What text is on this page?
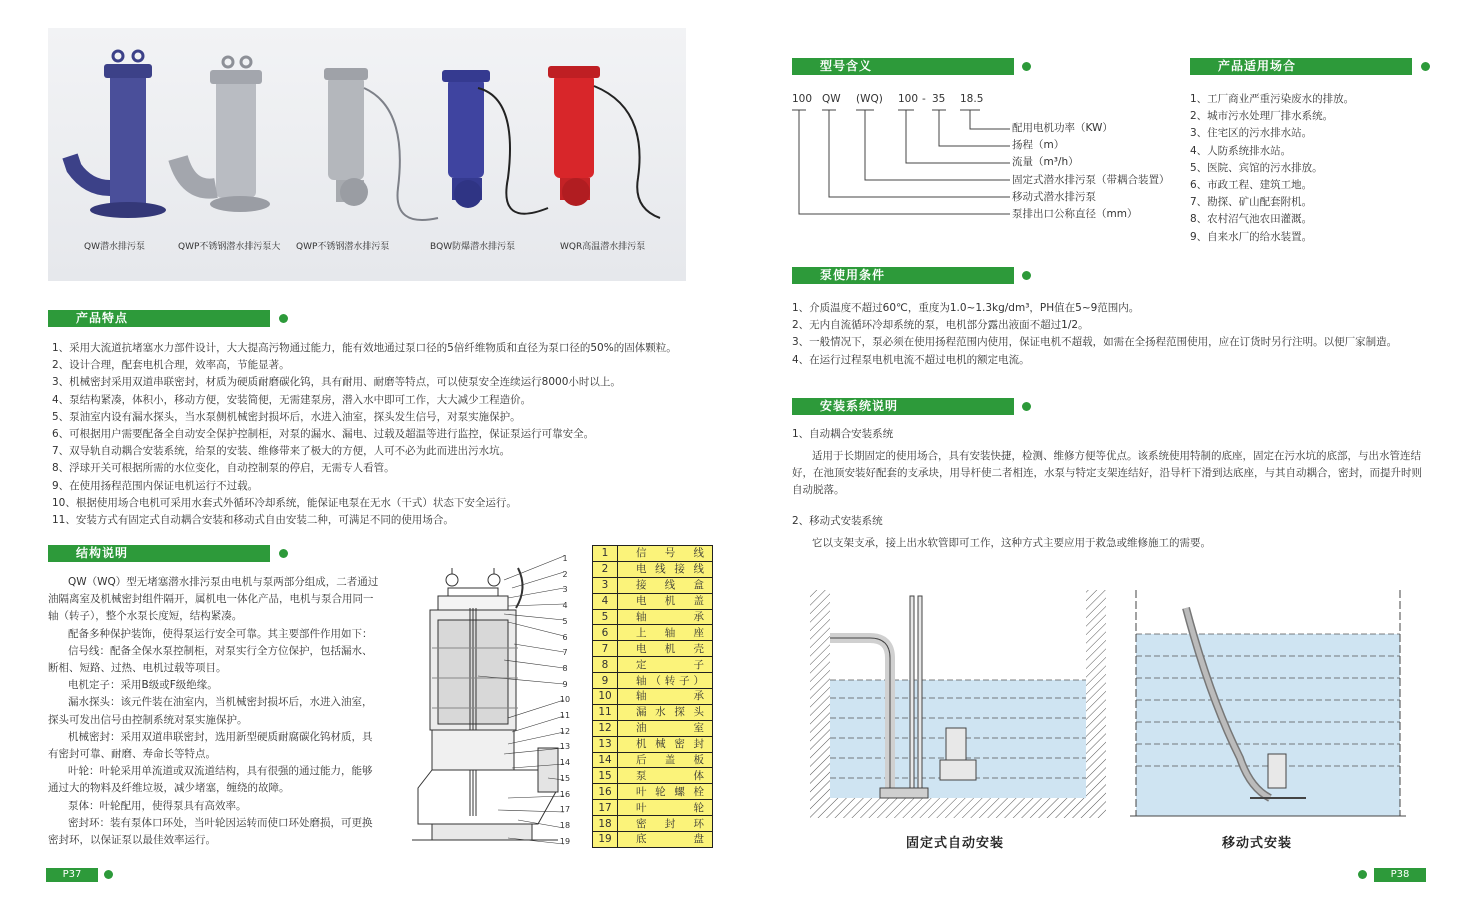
QW潜水排污泵	QWP不锈钢潜水排污泵大 QWP不锈钢潜水排污泵	BQW防爆潜水排污泵	WQR高温潜水排污泵
产品特点
1、采用大流道抗堵塞水力部件设计，大大提高污物通过能力，能有效地通过泵口径的5倍纤维物质和直径为泵口径的50%的固体颗粒。
2、设计合理，配套电机合理，效率高，节能显著。
3、机械密封采用双道串联密封，材质为硬质耐磨碳化钨，具有耐用、耐磨等特点，可以使泵安全连续运行8000小时以上。
4、泵结构紧凑，体积小，移动方便，安装简便，无需建泵房，潜入水中即可工作，大大减少工程造价。
5、泵油室内设有漏水探头，当水泵侧机械密封损坏后，水进入油室，探头发生信号，对泵实施保护。
6、可根据用户需要配备全自动安全保护控制柜，对泵的漏水、漏电、过载及超温等进行监控，保证泵运行可靠安全。
7、双导轨自动耦合安装系统，给泵的安装、维修带来了极大的方便，人可不必为此而进出污水坑。
8、浮球开关可根据所需的水位变化，自动控制泵的停启，无需专人看管。
9、在使用扬程范围内保证电机运行不过载。
10、根据使用场合电机可采用水套式外循环冷却系统，能保证电泵在无水（干式）状态下安全运行。
11、安装方式有固定式自动耦合安装和移动式自由安装二种，可满足不同的使用场合。
结构说明
QW（WQ）型无堵塞潜水排污泵由电机与泵两部分组成，二者通过
油隔离室及机械密封组件隔开，属机电一体化产品，电机与泵合用同一
轴（转子），整个水泵长度短，结构紧凑。
配备多种保护装饰，使得泵运行安全可靠。其主要部件作用如下：
信号线：配备全保水泵控制柜，对泵实行全方位保护，包括漏水、
断相、短路、过热、电机过载等项目。
电机定子：采用B级或F级绝缘。
漏水探头：该元件装在油室内，当机械密封损坏后，水进入油室，
探头可发出信号由控制系统对泵实施保护。
机械密封：采用双道串联密封，选用新型硬质耐腐碳化钨材质，具
有密封可靠、耐磨、寿命长等特点。
叶轮：叶轮采用单流道或双流道结构，具有很强的通过能力，能够
通过大的物料及纤维垃圾，减少堵塞，缠绕的故障。
泵体：叶轮配用，使得泵具有高效率。
密封环：装有泵体口环处，当叶轮因运转而使口环处磨损，可更换
密封环，以保证泵以最佳效率运行。
1
2
3
4
5
6
7
8
9
10
11
12
13
14
15
16
17
18
19
1	信号线
2	电线接线
3	接线盒
4	电机盖
5	轴承
6	上轴座
7	电机壳
8	定子
9	轴（转子）
10	轴承
11	漏水探头
12	油室
13	机械密封
14	后盖板
15	泵体
16	叶轮螺栓
17	叶轮
18	密封环
19	底盘
P37
型号含义
100 QW (WQ) 100 - 35 18.5
配用电机功率（KW）
扬程（m）
流量（m³/h）
固定式潜水排污泵（带耦合装置）
移动式潜水排污泵
泵排出口公称直径（mm）
产品适用场合
1、工厂商业严重污染废水的排放。
2、城市污水处理厂排水系统。
3、住宅区的污水排水站。
4、人防系统排水站。
5、医院、宾馆的污水排放。
6、市政工程、建筑工地。
7、勘探、矿山配套附机。
8、农村沼气池农田灌溉。
9、自来水厂的给水装置。
泵使用条件
1、介质温度不超过60℃，重度为1.0~1.3kg/dm³，PH值在5~9范围内。
2、无内自流循环冷却系统的泵，电机部分露出液面不超过1/2。
3、一般情况下，泵必须在使用扬程范围内使用，保证电机不超载，如需在全扬程范围使用，应在订货时另行注明。以便厂家制造。
4、在运行过程泵电机电流不超过电机的额定电流。
安装系统说明
1、自动耦合安装系统
适用于长期固定的使用场合，具有安装快捷，检测、维修方便等优点。该系统使用特制的底座，固定在污水坑的底部，与出水管连结
好，在池顶安装好配套的支承块，用导杆使二者相连，水泵与特定支架连结好，沿导杆下滑到达底座，与其自动耦合，密封，而提升时则
自动脱落。
2、移动式安装系统
它以支架支承，接上出水软管即可工作，这种方式主要应用于救急或维修施工的需要。
固定式自动安装	移动式安装
P38
